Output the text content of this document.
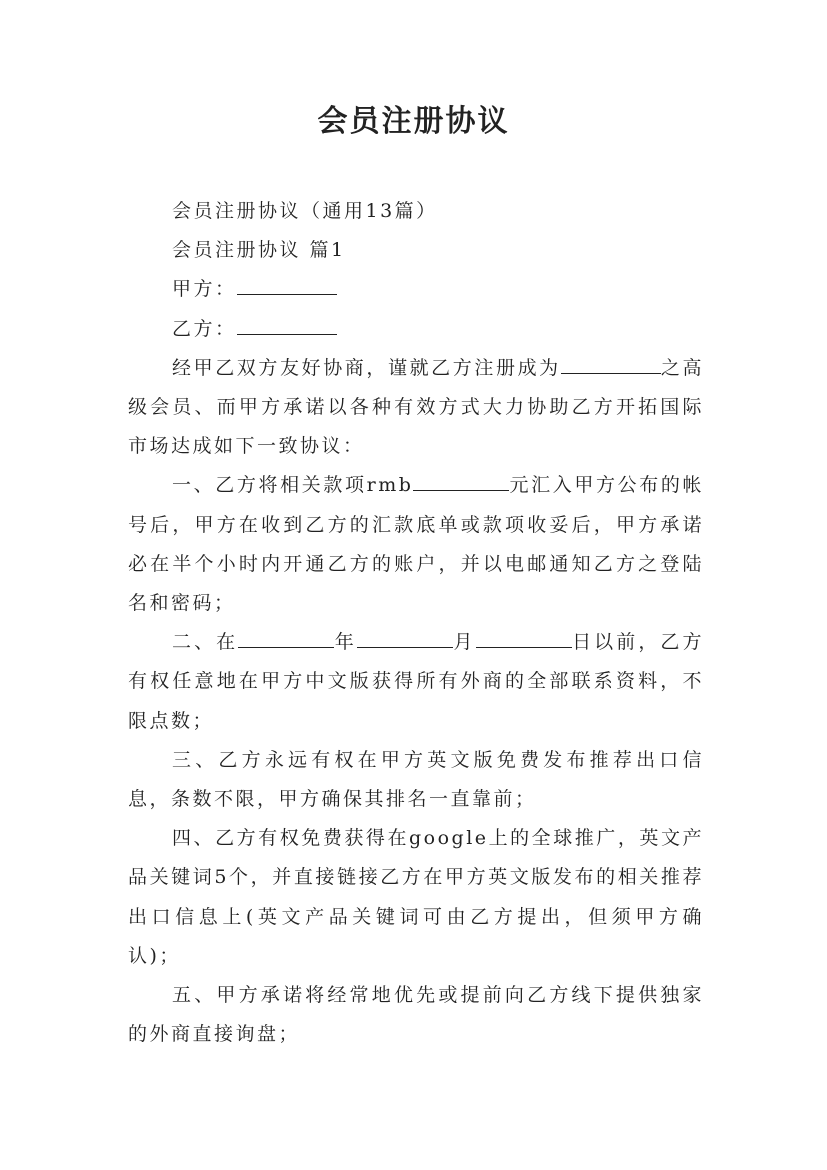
会员注册协议

会员注册协议（通用13篇）

会员注册协议 篇1

甲方：

乙方：

经甲乙双方友好协商，谨就乙方注册成为	之高级会员、而甲方承诺以各种有效方式大力协助乙方开拓国际市场达成如下一致协议：

一、乙方将相关款项rmb	元汇入甲方公布的帐号后，甲方在收到乙方的汇款底单或款项收妥后，甲方承诺必在半个小时内开通乙方的账户，并以电邮通知乙方之登陆名和密码；

二、在	年	月	日以前，乙方有权任意地在甲方中文版获得所有外商的全部联系资料，不限点数；

三、乙方永远有权在甲方英文版免费发布推荐出口信息，条数不限，甲方确保其排名一直靠前；

四、乙方有权免费获得在google上的全球推广，英文产品关键词5个，并直接链接乙方在甲方英文版发布的相关推荐出口信息上(英文产品关键词可由乙方提出，但须甲方确认)；

五、甲方承诺将经常地优先或提前向乙方线下提供独家的外商直接询盘；
